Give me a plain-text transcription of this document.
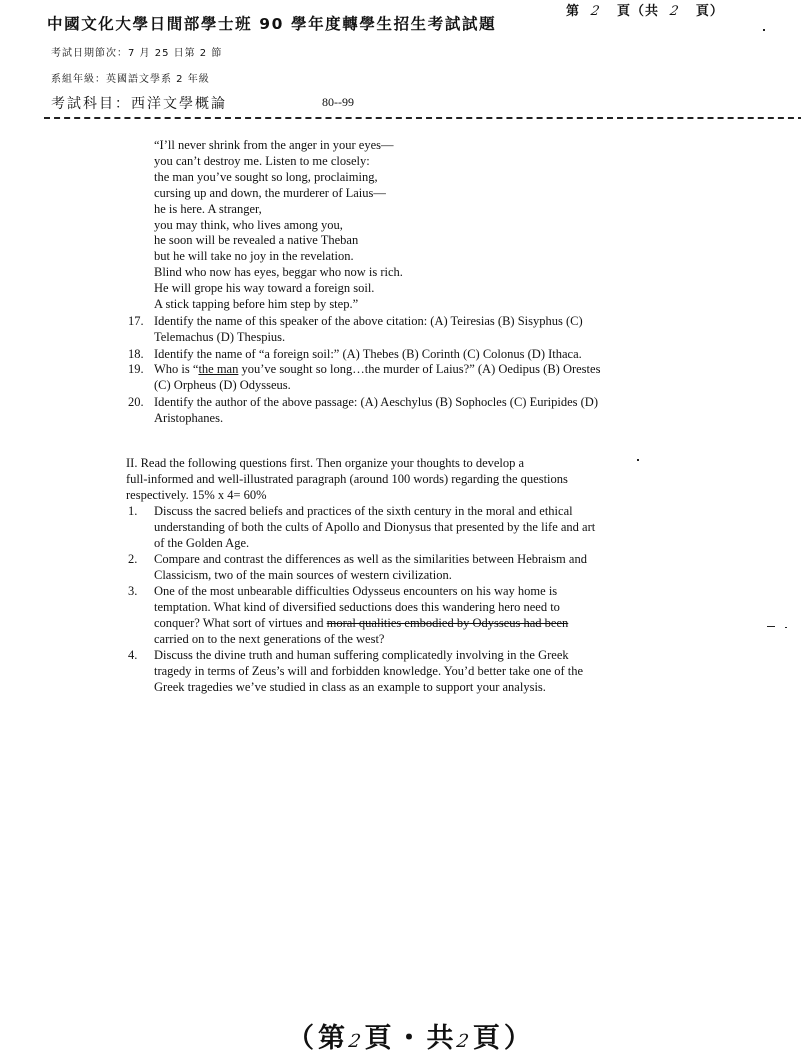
中國文化大學日間部學士班 90 學年度轉學生招生考試試題
第 2 頁（共 2 頁）
考試日期節次：7 月 25 日第 2 節
系組年級：英國語文學系 2 年級
考試科目：西洋文學概論	80--99
“I’ll never shrink from the anger in your eyes—
you can’t destroy me. Listen to me closely:
the man you’ve sought so long, proclaiming,
cursing up and down, the murderer of Laius—
he is here. A stranger,
you may think, who lives among you,
he soon will be revealed a native Theban
but he will take no joy in the revelation.
Blind who now has eyes, beggar who now is rich.
He will grope his way toward a foreign soil.
A stick tapping before him step by step.”
17. Identify the name of this speaker of the above citation: (A) Teiresias (B) Sisyphus (C)
Telemachus (D) Thespius.
18. Identify the name of “a foreign soil:” (A) Thebes (B) Corinth (C) Colonus (D) Ithaca.
19. Who is “the man you’ve sought so long…the murder of Laius?” (A) Oedipus (B) Orestes
(C) Orpheus (D) Odysseus.
20. Identify the author of the above passage: (A) Aeschylus (B) Sophocles (C) Euripides (D)
Aristophanes.
II. Read the following questions first. Then organize your thoughts to develop a
full-informed and well-illustrated paragraph (around 100 words) regarding the questions
respectively. 15% x 4= 60%
1. Discuss the sacred beliefs and practices of the sixth century in the moral and ethical
understanding of both the cults of Apollo and Dionysus that presented by the life and art
of the Golden Age.
2. Compare and contrast the differences as well as the similarities between Hebraism and
Classicism, two of the main sources of western civilization.
3. One of the most unbearable difficulties Odysseus encounters on his way home is
temptation. What kind of diversified seductions does this wandering hero need to
conquer? What sort of virtues and moral qualities embodied by Odysseus had been
carried on to the next generations of the west?
4. Discuss the divine truth and human suffering complicatedly involving in the Greek
tragedy in terms of Zeus’s will and forbidden knowledge. You’d better take one of the
Greek tragedies we’ve studied in class as an example to support your analysis.
（第2頁・共2頁）
